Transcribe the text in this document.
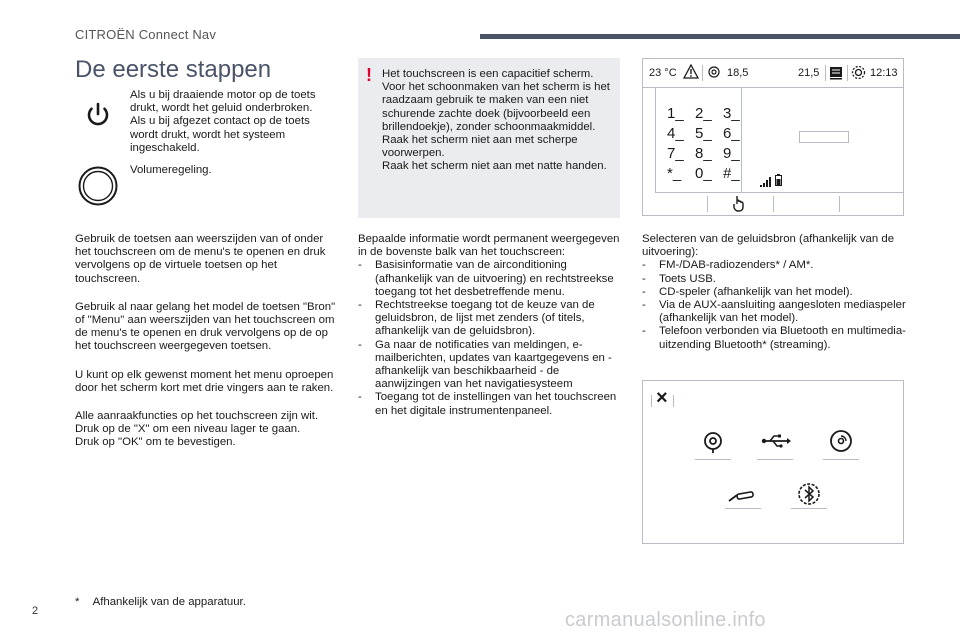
CITROËN Connect Nav
De eerste stappen
Als u bij draaiende motor op de toets drukt, wordt het geluid onderbroken.
Als u bij afgezet contact op de toets wordt drukt, wordt het systeem ingeschakeld.
Volumeregeling.
Gebruik de toetsen aan weerszijden van of onder het touchscreen om de menu's te openen en druk vervolgens op de virtuele toetsen op het touchscreen.
Gebruik al naar gelang het model de toetsen "Bron" of "Menu" aan weerszijden van het touchscreen om de menu's te openen en druk vervolgens op de op het touchscreen weergegeven toetsen.
U kunt op elk gewenst moment het menu oproepen door het scherm kort met drie vingers aan te raken.
Alle aanraakfuncties op het touchscreen zijn wit.
Druk op de "X" om een niveau lager te gaan.
Druk op "OK" om te bevestigen.
! Het touchscreen is een capacitief scherm.
Voor het schoonmaken van het scherm is het raadzaam gebruik te maken van een niet schurende zachte doek (bijvoorbeeld een brillendoekje), zonder schoonmaakmiddel.
Raak het scherm niet aan met scherpe voorwerpen.
Raak het scherm niet aan met natte handen.
Bepaalde informatie wordt permanent weergegeven in de bovenste balk van het touchscreen:
- Basisinformatie van de airconditioning (afhankelijk van de uitvoering) en rechtstreekse toegang tot het desbetreffende menu.
- Rechtstreekse toegang tot de keuze van de geluidsbron, de lijst met zenders (of titels, afhankelijk van de geluidsbron).
- Ga naar de notificaties van meldingen, e-mailberichten, updates van kaartgegevens en - afhankelijk van beschikbaarheid - de aanwijzingen van het navigatiesysteem
- Toegang tot de instellingen van het touchscreen en het digitale instrumentenpaneel.
23 °C	18,5	21,5	12:13
1_ 2_ 3_
4_ 5_ 6_
7_ 8_ 9_
*_ 0_ #_
Selecteren van de geluidsbron (afhankelijk van de uitvoering):
- FM-/DAB-radiozenders* / AM*.
- Toets USB.
- CD-speler (afhankelijk van het model).
- Via de AUX-aansluiting aangesloten mediaspeler (afhankelijk van het model).
- Telefoon verbonden via Bluetooth en multimedia-uitzending Bluetooth* (streaming).
×
* Afhankelijk van de apparatuur.
2	carmanualsonline.info
